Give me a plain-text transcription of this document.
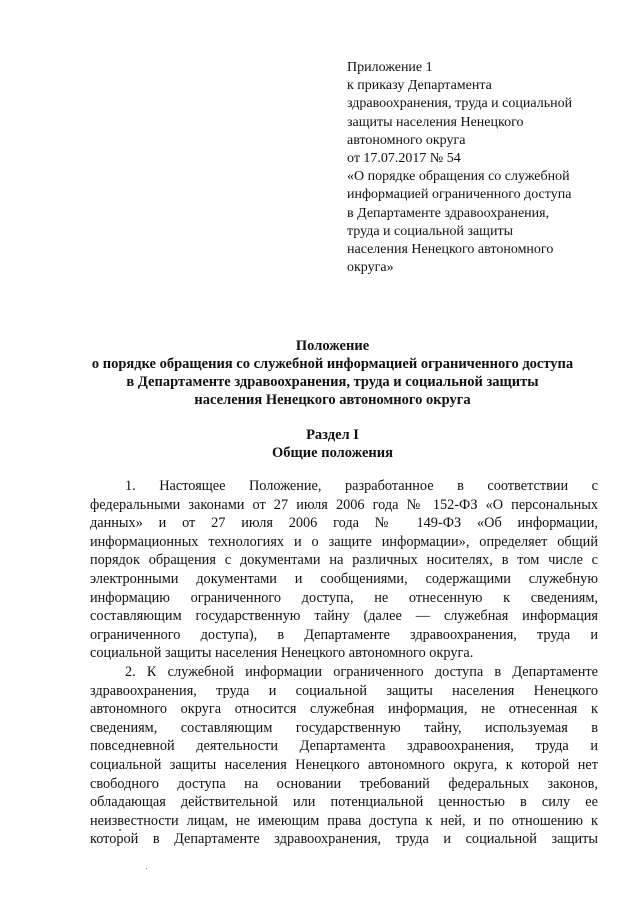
Приложение 1
к приказу Департамента
здравоохранения, труда и социальной
защиты населения Ненецкого
автономного округа
от 17.07.2017 № 54
«О порядке обращения со служебной
информацией ограниченного доступа
в Департаменте здравоохранения,
труда и социальной защиты
населения Ненецкого автономного
округа»
Положение
о порядке обращения со служебной информацией ограниченного доступа
в Департаменте здравоохранения, труда и социальной защиты
населения Ненецкого автономного округа
Раздел I
Общие положения
1. Настоящее Положение, разработанное в соответствии с
федеральными законами от 27 июля 2006 года № 152-ФЗ «О персональных
данных» и от 27 июля 2006 года № 149-ФЗ «Об информации,
информационных технологиях и о защите информации», определяет общий
порядок обращения с документами на различных носителях, в том числе с
электронными документами и сообщениями, содержащими служебную
информацию ограниченного доступа, не отнесенную к сведениям,
составляющим государственную тайну (далее — служебная информация
ограниченного доступа), в Департаменте здравоохранения, труда и
социальной защиты населения Ненецкого автономного округа.
2. К служебной информации ограниченного доступа в Департаменте
здравоохранения, труда и социальной защиты населения Ненецкого
автономного округа относится служебная информация, не отнесенная к
сведениям, составляющим государственную тайну, используемая в
повседневной деятельности Департамента здравоохранения, труда и
социальной защиты населения Ненецкого автономного округа, к которой нет
свободного доступа на основании требований федеральных законов,
обладающая действительной или потенциальной ценностью в силу ее
неизвестности лицам, не имеющим права доступа к ней, и по отношению к
которой в Департаменте здравоохранения, труда и социальной защиты
